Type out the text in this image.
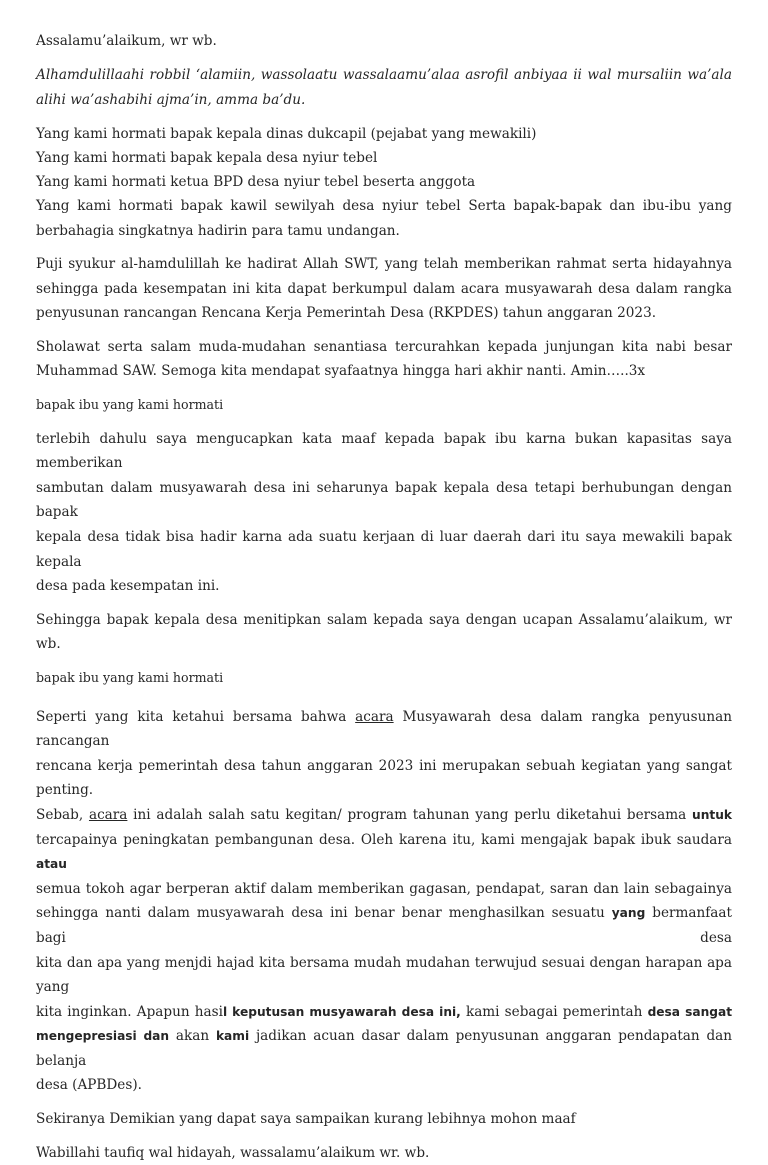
Assalamu’alaikum, wr wb.

Alhamdulillaahi robbil ‘alamiin, wassolaatu wassalaamu’alaa asrofil anbiyaa ii wal mursaliin wa’ala
alihi wa’ashabihi ajma’in, amma ba’du.

Yang kami hormati bapak kepala dinas dukcapil (pejabat yang mewakili)
Yang kami hormati bapak kepala desa nyiur tebel
Yang kami hormati ketua BPD desa nyiur tebel beserta anggota
Yang kami hormati bapak kawil sewilyah desa nyiur tebel Serta bapak-bapak dan ibu-ibu yang
berbahagia singkatnya hadirin para tamu undangan.

Puji syukur al-hamdulillah ke hadirat Allah SWT, yang telah memberikan rahmat serta hidayahnya
sehingga pada kesempatan ini kita dapat berkumpul dalam acara musyawarah desa dalam rangka
penyusunan rancangan Rencana Kerja Pemerintah Desa (RKPDES) tahun anggaran 2023.

Sholawat serta salam muda-mudahan senantiasa tercurahkan kepada junjungan kita nabi besar
Muhammad SAW. Semoga kita mendapat syafaatnya hingga hari akhir nanti. Amin…..3x

bapak ibu yang kami hormati

terlebih dahulu saya mengucapkan kata maaf kepada bapak ibu karna bukan kapasitas saya memberikan
sambutan dalam musyawarah desa ini seharunya bapak kepala desa tetapi berhubungan dengan bapak
kepala desa tidak bisa hadir karna ada suatu kerjaan di luar daerah dari itu saya mewakili bapak kepala
desa pada kesempatan ini.

Sehingga bapak kepala desa menitipkan salam kepada saya dengan ucapan Assalamu’alaikum, wr wb.

bapak ibu yang kami hormati

Seperti yang kita ketahui bersama bahwa acara Musyawarah desa dalam rangka penyusunan rancangan
rencana kerja pemerintah desa tahun anggaran 2023 ini merupakan sebuah kegiatan yang sangat penting.
Sebab, acara ini adalah salah satu kegitan/ program tahunan yang perlu diketahui bersama untuk
tercapainya peningkatan pembangunan desa. Oleh karena itu, kami mengajak bapak ibuk saudara atau
semua tokoh agar berperan aktif dalam memberikan gagasan, pendapat, saran dan lain sebagainya
sehingga nanti dalam musyawarah desa ini benar benar menghasilkan sesuatu yang bermanfaat bagi desa
kita dan apa yang menjdi hajad kita bersama mudah mudahan terwujud sesuai dengan harapan apa yang
kita inginkan. Apapun hasil keputusan musyawarah desa ini, kami sebagai pemerintah desa sangat
mengepresiasi dan akan kami jadikan acuan dasar dalam penyusunan anggaran pendapatan dan belanja
desa (APBDes).

Sekiranya Demikian yang dapat saya sampaikan kurang lebihnya mohon maaf

Wabillahi taufiq wal hidayah, wassalamu’alaikum wr. wb.
